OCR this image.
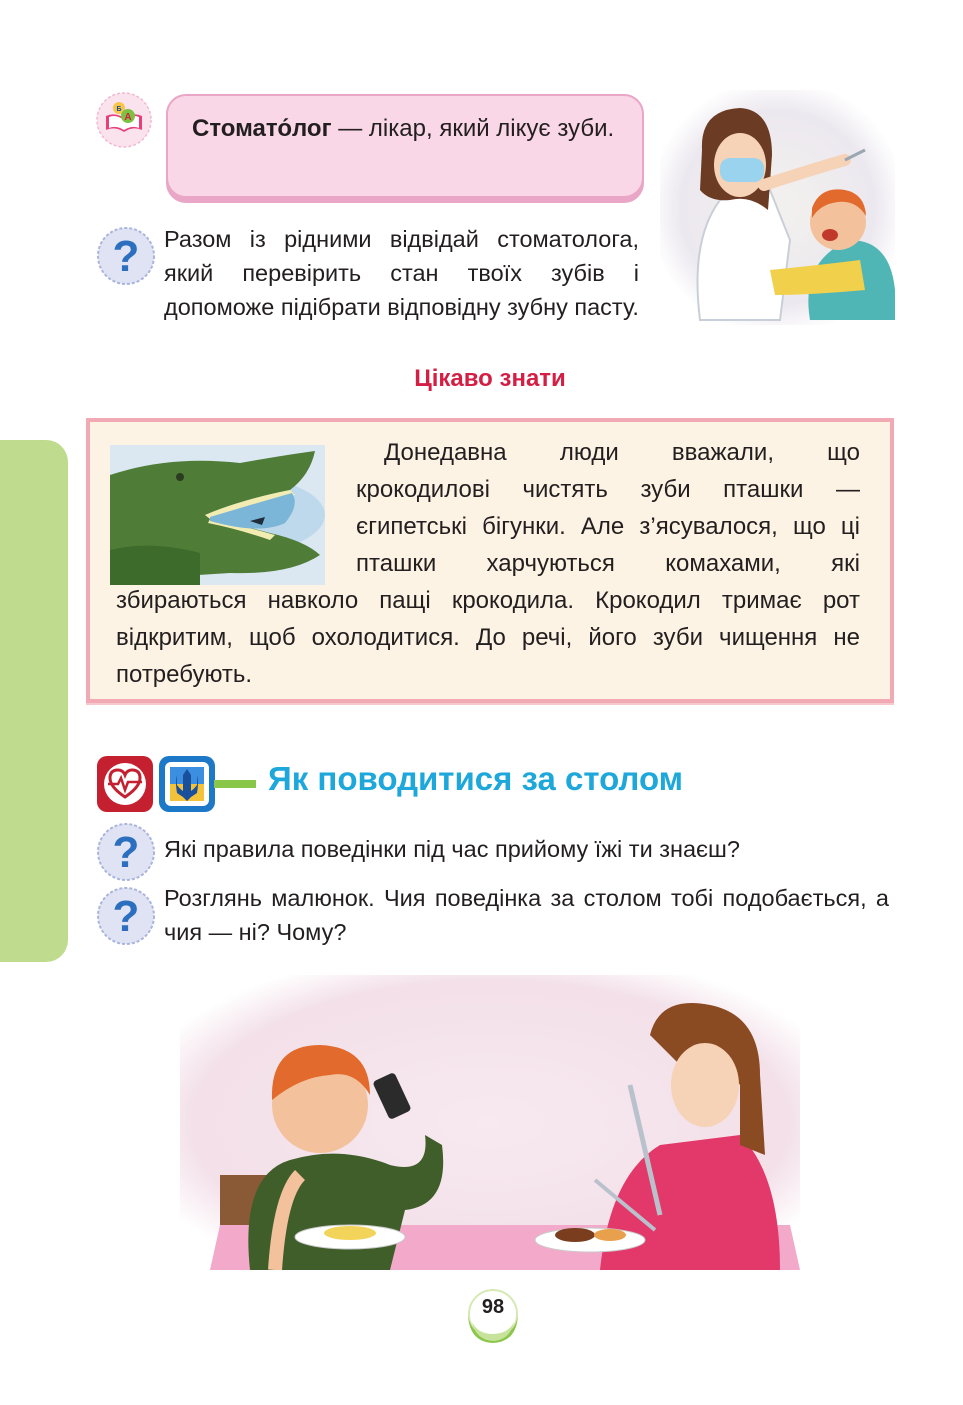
A
Б
Стомато́лог — лікар, який лікує зуби.
? Разом із рідними відвідай стоматолога, який перевірить стан твоїх зубів і допоможе підібрати відповідну зубну пасту.
Цікаво знати
Донедавна люди вважали, що крокодилові чистять зуби пташки — єгипетські бігунки. Але з’ясувалося, що ці пташки харчуються комахами, які збираються навколо пащі крокодила. Крокодил тримає рот відкритим, щоб охолодитися. До речі, його зуби чищення не потребують.
Як поводитися за столом
? Які правила поведінки під час прийому їжі ти знаєш?
? Розглянь малюнок. Чия поведінка за столом тобі подобається, а чия — ні? Чому?
98
